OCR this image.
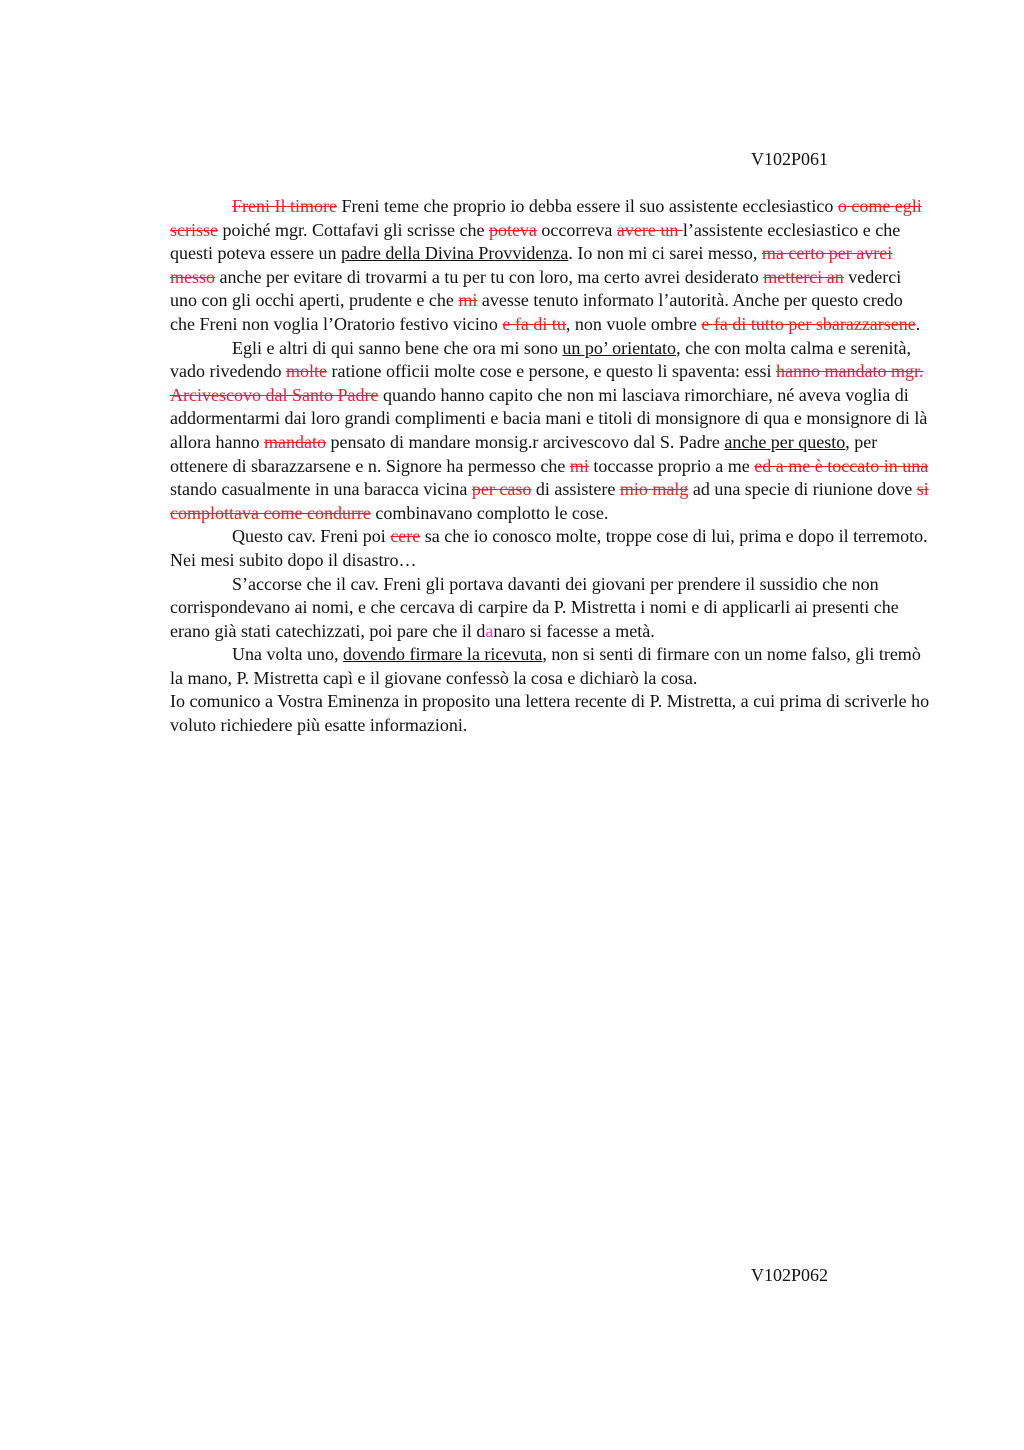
V102P061

Freni Il timore Freni teme che proprio io debba essere il suo assistente ecclesiastico o come egli scrisse poiché mgr. Cottafavi gli scrisse che poteva occorreva avere un l’assistente ecclesiastico e che questi poteva essere un padre della Divina Provvidenza. Io non mi ci sarei messo, ma certo per avrei messo anche per evitare di trovarmi a tu per tu con loro, ma certo avrei desiderato metterci an vederci uno con gli occhi aperti, prudente e che mi avesse tenuto informato l’autorità. Anche per questo credo che Freni non voglia l’Oratorio festivo vicino e fa di tu, non vuole ombre e fa di tutto per sbarazzarsene.

Egli e altri di qui sanno bene che ora mi sono un po’ orientato, che con molta calma e serenità, vado rivedendo molte ratione officii molte cose e persone, e questo li spaventa: essi hanno mandato mgr. Arcivescovo dal Santo Padre quando hanno capito che non mi lasciava rimorchiare, né aveva voglia di addormentarmi dai loro grandi complimenti e bacia mani e titoli di monsignore di qua e monsignore di là allora hanno mandato pensato di mandare monsig.r arcivescovo dal S. Padre anche per questo, per ottenere di sbarazzarsene e n. Signore ha permesso che mi toccasse proprio a me ed a me è toccato in una stando casualmente in una baracca vicina per caso di assistere mio malg ad una specie di riunione dove si complottava come condurre combinavano complotto le cose.

Questo cav. Freni poi cere sa che io conosco molte, troppe cose di lui, prima e dopo il terremoto. Nei mesi subito dopo il disastro…

S’accorse che il cav. Freni gli portava davanti dei giovani per prendere il sussidio che non corrispondevano ai nomi, e che cercava di carpire da P. Mistretta i nomi e di applicarli ai presenti che erano già stati catechizzati, poi pare che il danaro si facesse a metà.

Una volta uno, dovendo firmare la ricevuta, non si senti di firmare con un nome falso, gli tremò la mano, P. Mistretta capì e il giovane confessò la cosa e dichiarò la cosa.

Io comunico a Vostra Eminenza in proposito una lettera recente di P. Mistretta, a cui prima di scriverle ho voluto richiedere più esatte informazioni.

V102P062
